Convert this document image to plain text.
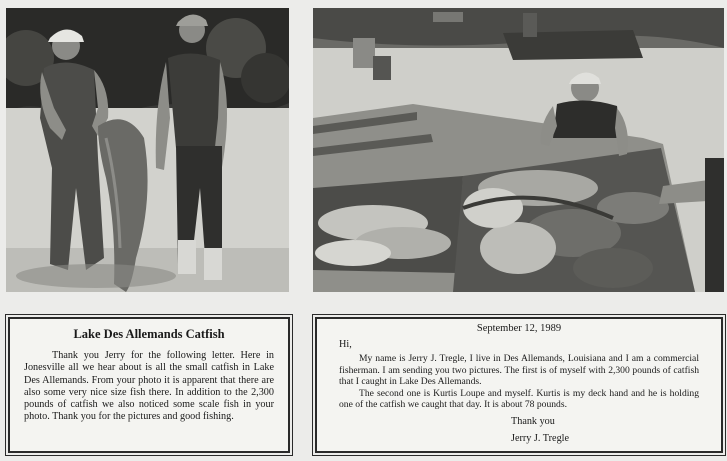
Lake Des Allemands Catfish

Thank you Jerry for the following letter. Here in Jonesville all we hear about is all the small catfish in Lake Des Allemands. From your photo it is apparent that there are also some very nice size fish there. In addition to the 2,300 pounds of catfish we also noticed some scale fish in your photo. Thank you for the pictures and good fishing.

September 12, 1989
Hi,

My name is Jerry J. Tregle, I live in Des Allemands, Louisiana and I am a commercial fisherman. I am sending you two pictures. The first is of myself with 2,300 pounds of catfish that I caught in Lake Des Allemands.

The second one is Kurtis Loupe and myself. Kurtis is my deck hand and he is holding one of the catfish we caught that day. It is about 78 pounds.

Thank you
Jerry J. Tregle
